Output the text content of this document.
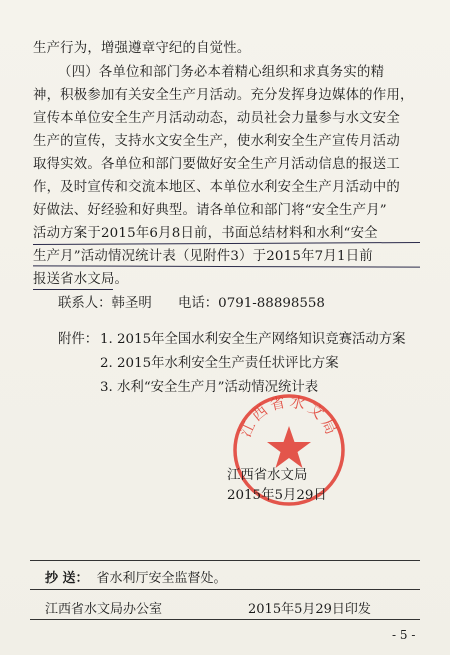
生产行为，增强遵章守纪的自觉性。
（四）各单位和部门务必本着精心组织和求真务实的精
神，积极参加有关安全生产月活动。充分发挥身边媒体的作用，
宣传本单位安全生产月活动动态，动员社会力量参与水文安全
生产的宣传，支持水文安全生产，使水利安全生产宣传月活动
取得实效。各单位和部门要做好安全生产月活动信息的报送工
作，及时宣传和交流本地区、本单位水利安全生产月活动中的
好做法、好经验和好典型。请各单位和部门将“安全生产月”
活动方案于2015年6月8日前，书面总结材料和水利“安全
生产月”活动情况统计表（见附件3）于2015年7月1日前
报送省水文局。
联系人：韩圣明 电话：0791-88898558
附件： 1. 2015年全国水利安全生产网络知识竞赛活动方案
2. 2015年水利安全生产责任状评比方案
3. 水利“安全生产月”活动情况统计表
江西省水文局
江西省水文局
2015年5月29日
抄 送： 省水利厅安全监督处。
江西省水文局办公室	2015年5月29日印发
- 5 -
